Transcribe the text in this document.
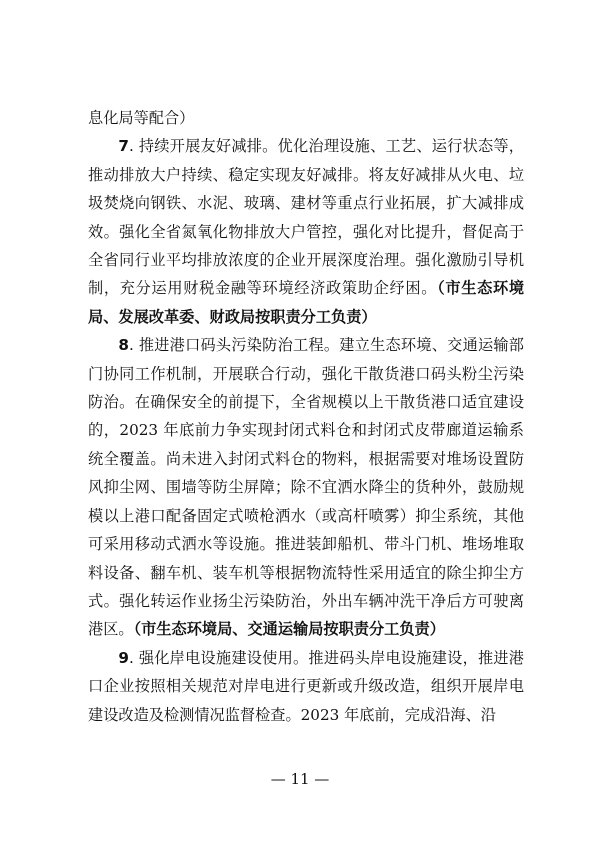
息化局等配合）

7. 持续开展友好减排。优化治理设施、工艺、运行状态等，推动排放大户持续、稳定实现友好减排。将友好减排从火电、垃圾焚烧向钢铁、水泥、玻璃、建材等重点行业拓展，扩大减排成效。强化全省氮氧化物排放大户管控，强化对比提升，督促高于全省同行业平均排放浓度的企业开展深度治理。强化激励引导机制，充分运用财税金融等环境经济政策助企纾困。（市生态环境局、发展改革委、财政局按职责分工负责）

8. 推进港口码头污染防治工程。建立生态环境、交通运输部门协同工作机制，开展联合行动，强化干散货港口码头粉尘污染防治。在确保安全的前提下，全省规模以上干散货港口适宜建设的，2023 年底前力争实现封闭式料仓和封闭式皮带廊道运输系统全覆盖。尚未进入封闭式料仓的物料，根据需要对堆场设置防风抑尘网、围墙等防尘屏障；除不宜洒水降尘的货种外，鼓励规模以上港口配备固定式喷枪洒水（或高杆喷雾）抑尘系统，其他可采用移动式洒水等设施。推进装卸船机、带斗门机、堆场堆取料设备、翻车机、装车机等根据物流特性采用适宜的除尘抑尘方式。强化转运作业扬尘污染防治，外出车辆冲洗干净后方可驶离港区。（市生态环境局、交通运输局按职责分工负责）

9. 强化岸电设施建设使用。推进码头岸电设施建设，推进港口企业按照相关规范对岸电进行更新或升级改造，组织开展岸电建设改造及检测情况监督检查。2023 年底前，完成沿海、沿

— 11 —
